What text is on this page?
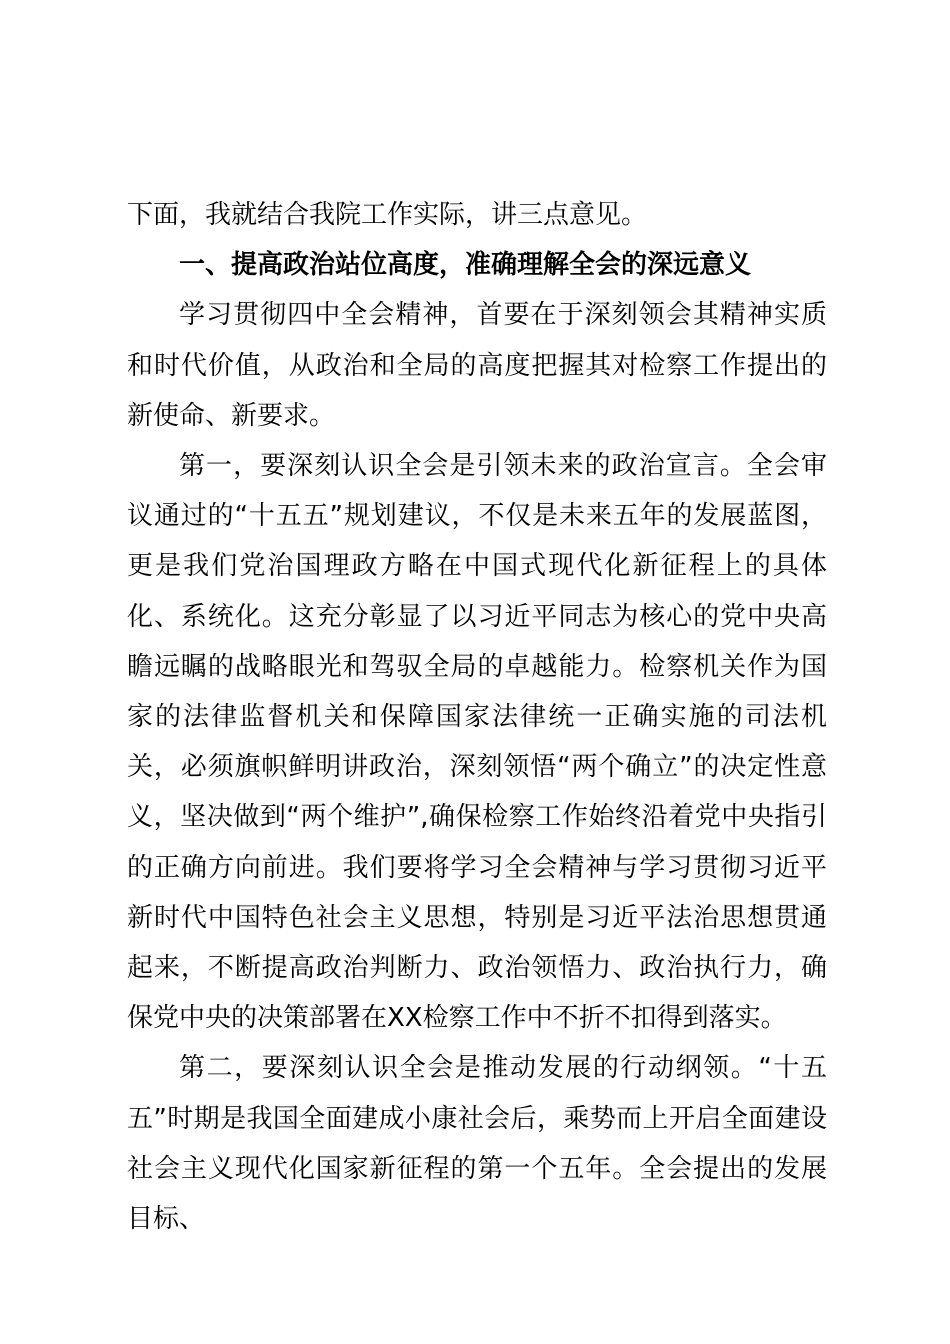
下面，我就结合我院工作实际，讲三点意见。

一、提高政治站位高度，准确理解全会的深远意义

学习贯彻四中全会精神，首要在于深刻领会其精神实质和时代价值，从政治和全局的高度把握其对检察工作提出的新使命、新要求。

第一，要深刻认识全会是引领未来的政治宣言。全会审议通过的“十五五”规划建议，不仅是未来五年的发展蓝图，更是我们党治国理政方略在中国式现代化新征程上的具体化、系统化。这充分彰显了以习近平同志为核心的党中央高瞻远瞩的战略眼光和驾驭全局的卓越能力。检察机关作为国家的法律监督机关和保障国家法律统一正确实施的司法机关，必须旗帜鲜明讲政治，深刻领悟“两个确立”的决定性意义，坚决做到“两个维护”,确保检察工作始终沿着党中央指引的正确方向前进。我们要将学习全会精神与学习贯彻习近平新时代中国特色社会主义思想，特别是习近平法治思想贯通起来，不断提高政治判断力、政治领悟力、政治执行力，确保党中央的决策部署在XX检察工作中不折不扣得到落实。

第二，要深刻认识全会是推动发展的行动纲领。“十五五”时期是我国全面建成小康社会后，乘势而上开启全面建设社会主义现代化国家新征程的第一个五年。全会提出的发展目标、
